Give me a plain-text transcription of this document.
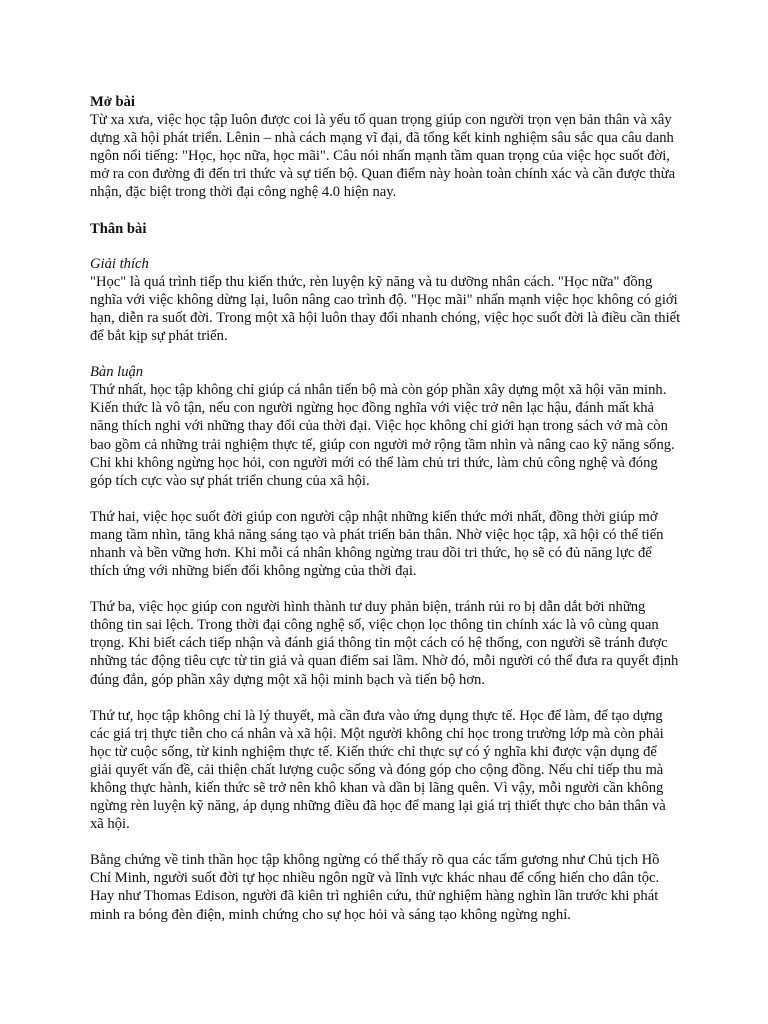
Mở bài

Từ xa xưa, việc học tập luôn được coi là yếu tố quan trọng giúp con người trọn vẹn bản thân và xây dựng xã hội phát triển. Lênin – nhà cách mạng vĩ đại, đã tổng kết kinh nghiệm sâu sắc qua câu danh ngôn nổi tiếng: "Học, học nữa, học mãi". Câu nói nhấn mạnh tầm quan trọng của việc học suốt đời, mở ra con đường đi đến tri thức và sự tiến bộ. Quan điểm này hoàn toàn chính xác và cần được thừa nhận, đặc biệt trong thời đại công nghệ 4.0 hiện nay.

Thân bài

Giải thích

"Học" là quá trình tiếp thu kiến thức, rèn luyện kỹ năng và tu dưỡng nhân cách. "Học nữa" đồng nghĩa với việc không dừng lại, luôn nâng cao trình độ. "Học mãi" nhấn mạnh việc học không có giới hạn, diễn ra suốt đời. Trong một xã hội luôn thay đổi nhanh chóng, việc học suốt đời là điều cần thiết để bắt kịp sự phát triển.

Bàn luận

Thứ nhất, học tập không chỉ giúp cá nhân tiến bộ mà còn góp phần xây dựng một xã hội văn minh. Kiến thức là vô tận, nếu con người ngừng học đồng nghĩa với việc trở nên lạc hậu, đánh mất khả năng thích nghi với những thay đổi của thời đại. Việc học không chỉ giới hạn trong sách vở mà còn bao gồm cả những trải nghiệm thực tế, giúp con người mở rộng tầm nhìn và nâng cao kỹ năng sống. Chỉ khi không ngừng học hỏi, con người mới có thể làm chủ tri thức, làm chủ công nghệ và đóng góp tích cực vào sự phát triển chung của xã hội.

Thứ hai, việc học suốt đời giúp con người cập nhật những kiến thức mới nhất, đồng thời giúp mở mang tầm nhìn, tăng khả năng sáng tạo và phát triển bản thân. Nhờ việc học tập, xã hội có thể tiến nhanh và bền vững hơn. Khi mỗi cá nhân không ngừng trau dồi tri thức, họ sẽ có đủ năng lực để thích ứng với những biến đổi không ngừng của thời đại.

Thứ ba, việc học giúp con người hình thành tư duy phản biện, tránh rủi ro bị dẫn dắt bởi những thông tin sai lệch. Trong thời đại công nghệ số, việc chọn lọc thông tin chính xác là vô cùng quan trọng. Khi biết cách tiếp nhận và đánh giá thông tin một cách có hệ thống, con người sẽ tránh được những tác động tiêu cực từ tin giả và quan điểm sai lầm. Nhờ đó, mỗi người có thể đưa ra quyết định đúng đắn, góp phần xây dựng một xã hội minh bạch và tiến bộ hơn.

Thứ tư, học tập không chỉ là lý thuyết, mà cần đưa vào ứng dụng thực tế. Học để làm, để tạo dựng các giá trị thực tiễn cho cá nhân và xã hội. Một người không chỉ học trong trường lớp mà còn phải học từ cuộc sống, từ kinh nghiệm thực tế. Kiến thức chỉ thực sự có ý nghĩa khi được vận dụng để giải quyết vấn đề, cải thiện chất lượng cuộc sống và đóng góp cho cộng đồng. Nếu chỉ tiếp thu mà không thực hành, kiến thức sẽ trở nên khô khan và dần bị lãng quên. Vì vậy, mỗi người cần không ngừng rèn luyện kỹ năng, áp dụng những điều đã học để mang lại giá trị thiết thực cho bản thân và xã hội.

Bằng chứng về tinh thần học tập không ngừng có thể thấy rõ qua các tấm gương như Chủ tịch Hồ Chí Minh, người suốt đời tự học nhiều ngôn ngữ và lĩnh vực khác nhau để cống hiến cho dân tộc. Hay như Thomas Edison, người đã kiên trì nghiên cứu, thử nghiệm hàng nghìn lần trước khi phát minh ra bóng đèn điện, minh chứng cho sự học hỏi và sáng tạo không ngừng nghỉ.
